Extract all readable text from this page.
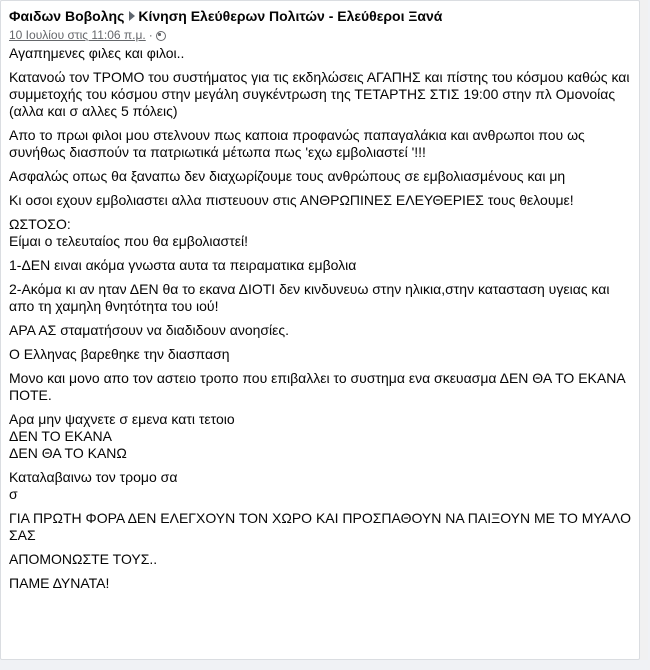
Φαιδων Βοβολης Κίνηση Ελεύθερων Πολιτών - Ελεύθεροι Ξανά
10 Ιουλίου στις 11:06 π.μ. ·

Αγαπημενες φιλες και φιλοι..

Κατανοώ τον ΤΡΟΜΟ του συστήματος για τις εκδηλώσεις ΑΓΑΠΗΣ και πίστης του κόσμου καθώς και συμμετοχής του κόσμου στην μεγάλη συγκέντρωση της ΤΕΤΑΡΤΗΣ ΣΤΙΣ 19:00 στην πλ Ομονοίας (αλλα και σ αλλες 5 πόλεις)

Απο το πρωι φιλοι μου στελνουν πως καποια προφανώς παπαγαλάκια και ανθρωποι που ως συνήθως διασπούν τα πατριωτικά μέτωπα πως 'εχω εμβολιαστεί '!!!

Ασφαλώς οπως θα ξαναπω δεν διαχωρίζουμε τους ανθρώπους σε εμβολιασμένους και μη

Κι οσοι εχουν εμβολιαστει αλλα πιστευουν στις ΑΝΘΡΩΠΙΝΕΣ ΕΛΕΥΘΕΡΙΕΣ τους θελουμε!

ΩΣΤΟΣΟ:
Είμαι ο τελευταίος που θα εμβολιαστεί!

1-ΔΕΝ ειναι ακόμα γνωστα αυτα τα πειραματικα εμβολια

2-Ακόμα κι αν ηταν ΔΕΝ θα το εκανα ΔΙΟΤΙ δεν κινδυνευω στην ηλικια,στην κατασταση υγειας και απο τη χαμηλη θνητότητα του ιού!

ΑΡΑ ΑΣ σταματήσουν να διαδιδουν ανοησίες.

Ο Ελληνας βαρεθηκε την διασπαση

Μονο και μονο απο τον αστειο τροπο που επιβαλλει το συστημα ενα σκευασμα ΔΕΝ ΘΑ ΤΟ ΕΚΑΝΑ ΠΟΤΕ.

Αρα μην ψαχνετε σ εμενα κατι τετοιο
ΔΕΝ ΤΟ ΕΚΑΝΑ
ΔΕΝ ΘΑ ΤΟ ΚΑΝΩ

Καταλαβαινω τον τρομο σα
σ

ΓΙΑ ΠΡΩΤΗ ΦΟΡΑ ΔΕΝ ΕΛΕΓΧΟΥΝ ΤΟΝ ΧΩΡΟ ΚΑΙ ΠΡΟΣΠΑΘΟΥΝ ΝΑ ΠΑΙΞΟΥΝ ΜΕ ΤΟ ΜΥΑΛΟ ΣΑΣ

ΑΠΟΜΟΝΩΣΤΕ ΤΟΥΣ..

ΠΑΜΕ ΔΥΝΑΤΑ!
